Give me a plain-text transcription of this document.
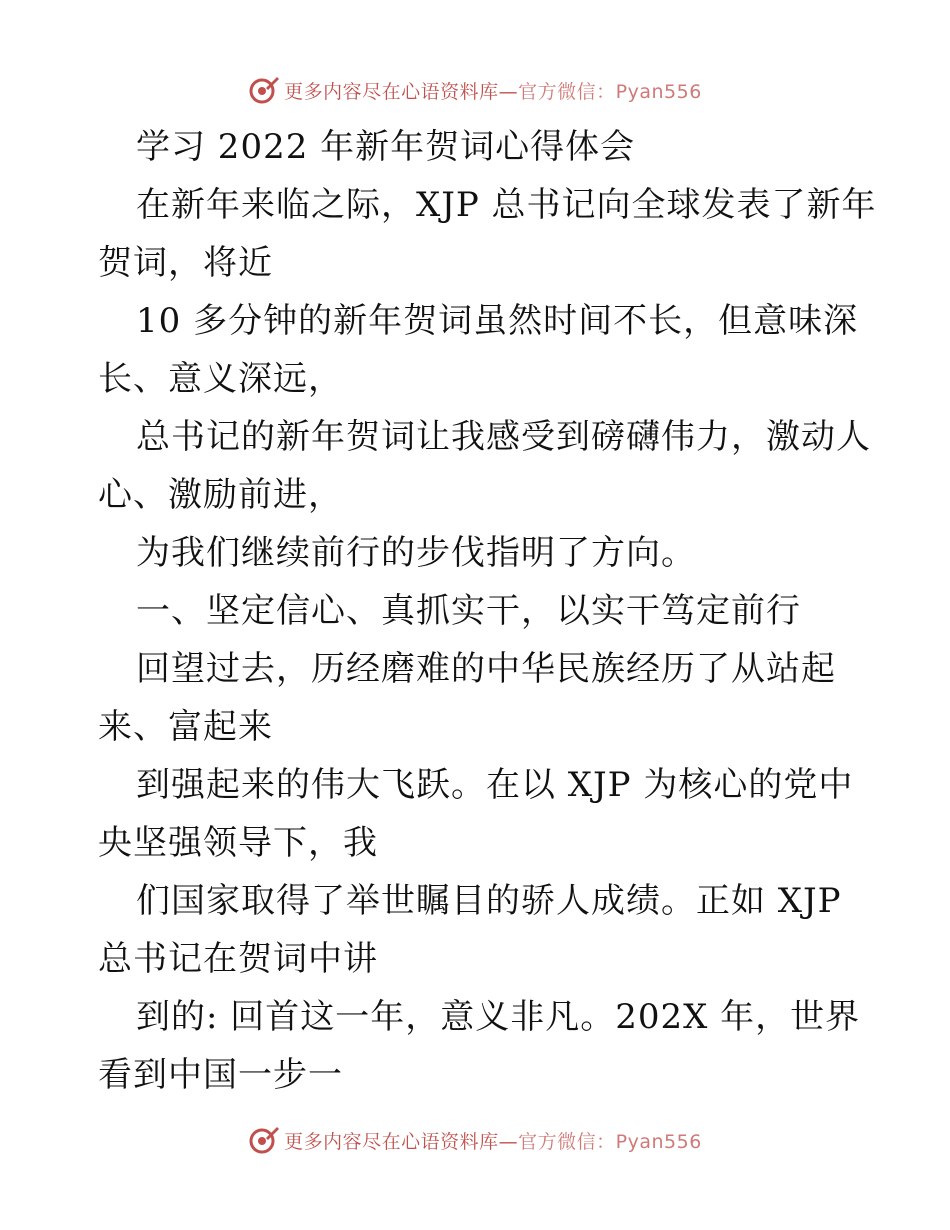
更多内容尽在心语资料库—官方微信：Pyan556
学习 2022 年新年贺词心得体会
在新年来临之际，XJP 总书记向全球发表了新年
贺词，将近
10 多分钟的新年贺词虽然时间不长，但意味深
长、意义深远，
总书记的新年贺词让我感受到磅礴伟力，激动人
心、激励前进，
为我们继续前行的步伐指明了方向。
一、坚定信心、真抓实干，以实干笃定前行
回望过去，历经磨难的中华民族经历了从站起
来、富起来
到强起来的伟大飞跃。在以 XJP 为核心的党中
央坚强领导下，我
们国家取得了举世瞩目的骄人成绩。正如 XJP
总书记在贺词中讲
到的: 回首这一年，意义非凡。202X 年，世界
看到中国一步一
更多内容尽在心语资料库—官方微信：Pyan556
